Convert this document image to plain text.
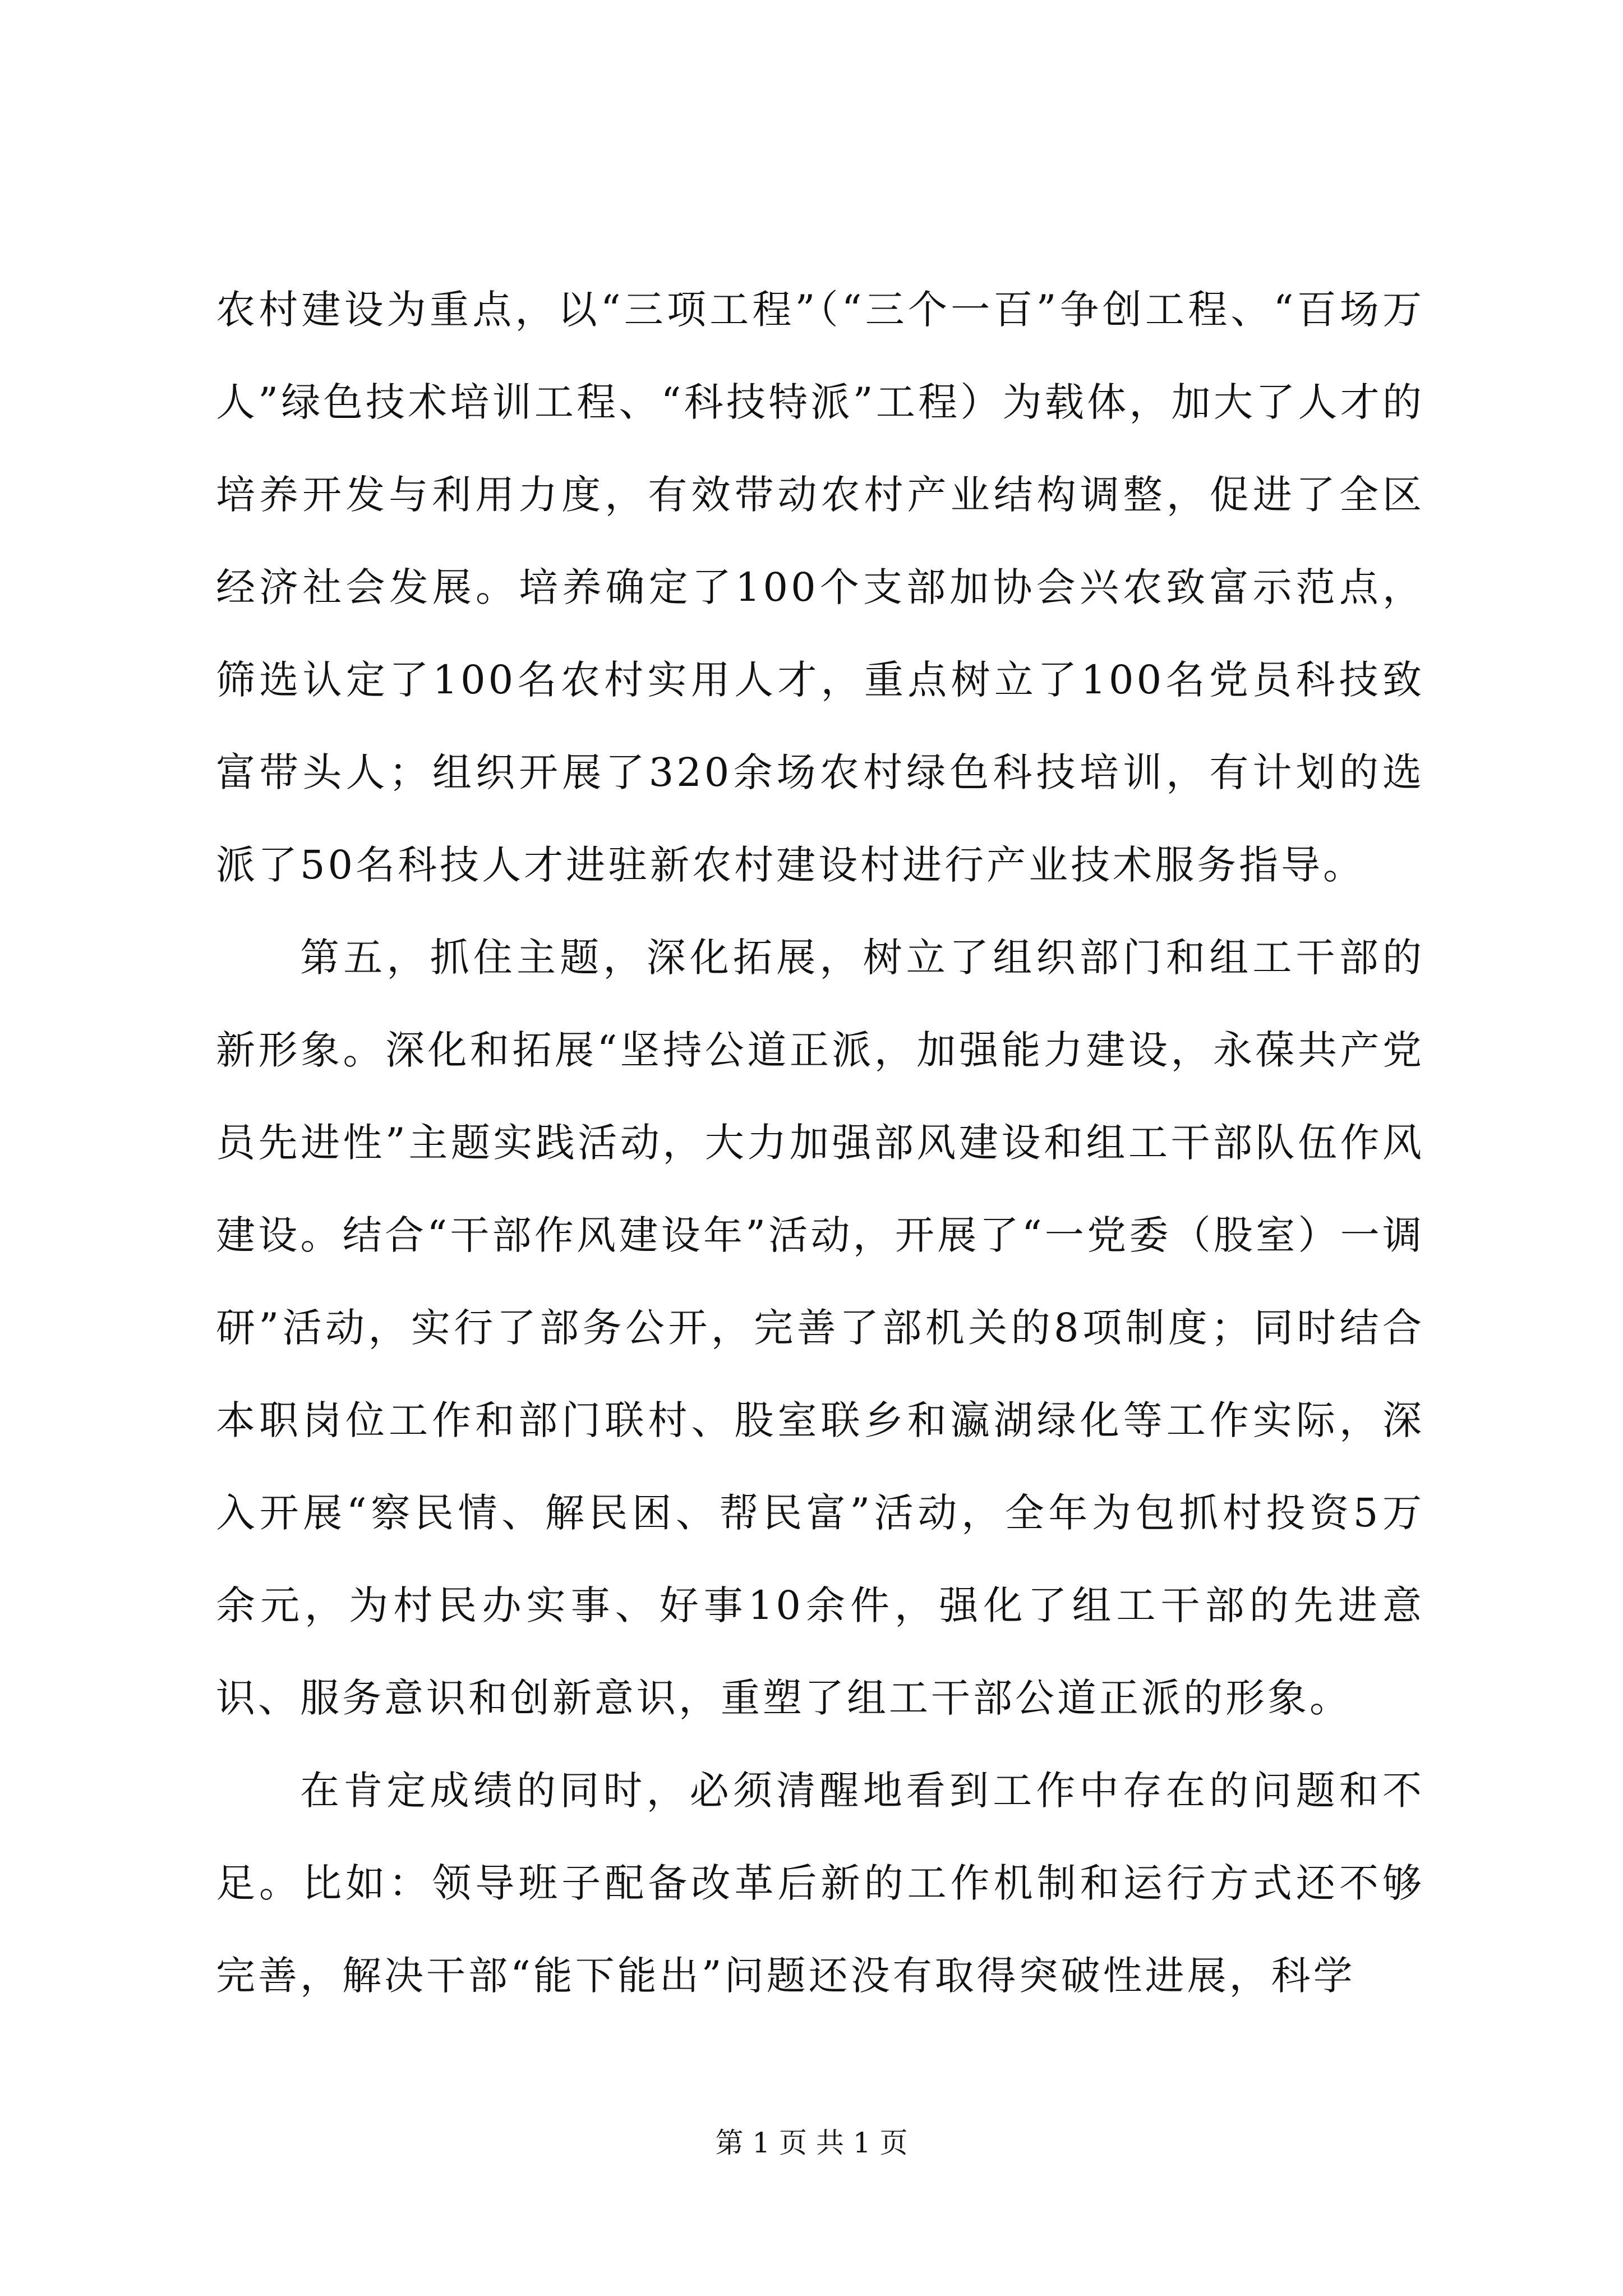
农村建设为重点，以“三项工程”（“三个一百”争创工程、“百场万人”绿色技术培训工程、“科技特派”工程）为载体，加大了人才的培养开发与利用力度，有效带动农村产业结构调整，促进了全区经济社会发展。培养确定了100个支部加协会兴农致富示范点，筛选认定了100名农村实用人才，重点树立了100名党员科技致富带头人；组织开展了320余场农村绿色科技培训，有计划的选派了50名科技人才进驻新农村建设村进行产业技术服务指导。

第五，抓住主题，深化拓展，树立了组织部门和组工干部的新形象。深化和拓展“坚持公道正派，加强能力建设，永葆共产党员先进性”主题实践活动，大力加强部风建设和组工干部队伍作风建设。结合“干部作风建设年”活动，开展了“一党委（股室）一调研”活动，实行了部务公开，完善了部机关的8项制度；同时结合本职岗位工作和部门联村、股室联乡和瀛湖绿化等工作实际，深入开展“察民情、解民困、帮民富”活动，全年为包抓村投资5万余元，为村民办实事、好事10余件，强化了组工干部的先进意识、服务意识和创新意识，重塑了组工干部公道正派的形象。

在肯定成绩的同时，必须清醒地看到工作中存在的问题和不足。比如：领导班子配备改革后新的工作机制和运行方式还不够完善，解决干部“能下能出”问题还没有取得突破性进展，科学

第 1 页 共 1 页
